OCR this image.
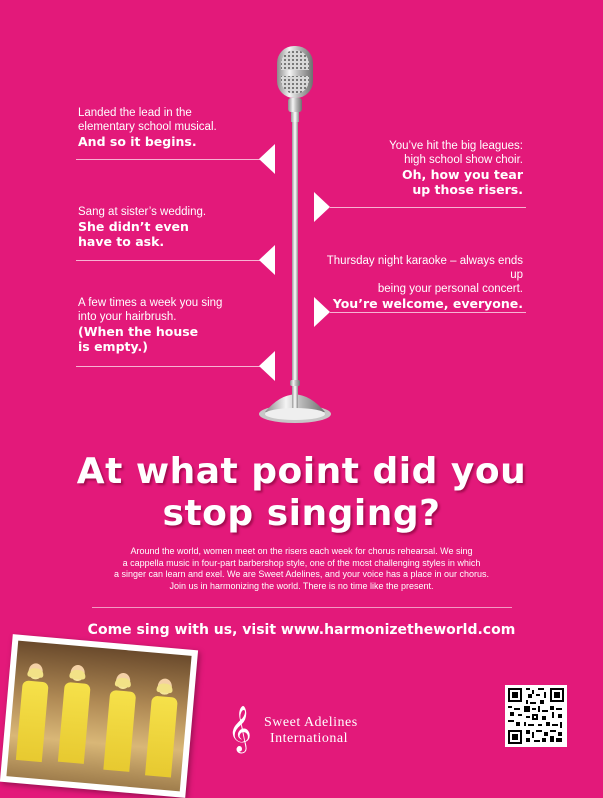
Landed the lead in the
elementary school musical.
And so it begins.	You’ve hit the big leagues:
high school show choir.
Oh, how you tear
up those risers.
Sang at sister’s wedding.
She didn’t even
have to ask.
Thursday night karaoke – always ends up
being your personal concert.
You’re welcome, everyone.
A few times a week you sing
into your hairbrush.
(When the house
is empty.)
At what point did you
stop singing?
Around the world, women meet on the risers each week for chorus rehearsal. We sing
a cappella music in four-part barbershop style, one of the most challenging styles in which
a singer can learn and exel. We are Sweet Adelines, and your voice has a place in our chorus.
Join us in harmonizing the world. There is no time like the present.
Come sing with us, visit www.harmonizetheworld.com
𝄞 Sweet Adelines
International
